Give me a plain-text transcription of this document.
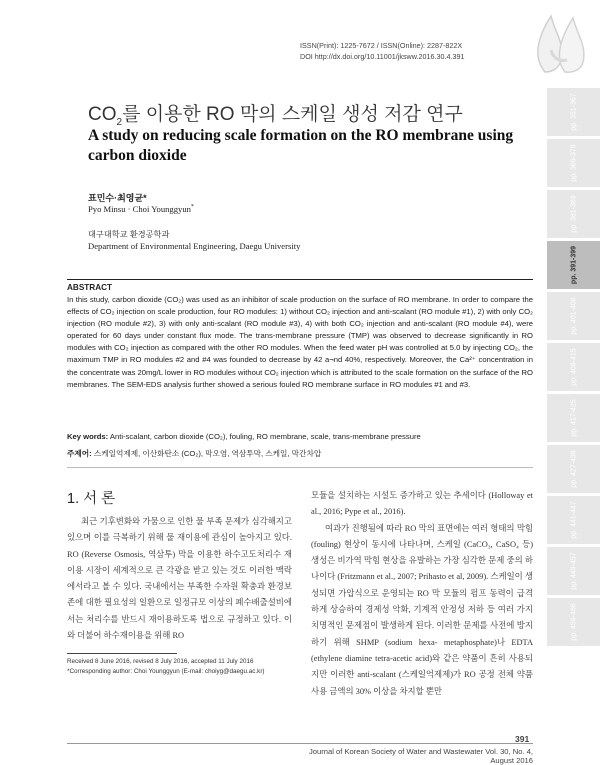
ISSN(Print): 1225-7672 / ISSN(Online): 2287-822X
DOI http://dx.doi.org/10.11001/jksww.2016.30.4.391
pp. 351-367
pp. 369-379
pp. 381-389
pp. 391-399
pp. 401-408
pp. 409-415
pp. 417-425
pp. 427-439
pp. 441-447
pp. 449-457
pp. 459-466
$CO_2$를 이용한 RO 막의 스케일 생성 저감 연구
A study on reducing scale formation on the RO membrane using carbon dioxide
표민수·최영균*
Pyo Minsu · Choi Younggyun*
대구대학교 환경공학과
Department of Environmental Engineering, Daegu University
ABSTRACT
In this study, carbon dioxide (CO₂) was used as an inhibitor of scale production on the surface of RO membrane. In order to compare the effects of CO₂ injection on scale production, four RO modules: 1) without CO₂ injection and anti-scalant (RO module #1), 2) with only CO₂ injection (RO module #2), 3) with only anti-scalant (RO module #3), 4) with both CO₂ injection and anti-scalant (RO module #4), were operated for 60 days under constant flux mode. The trans-membrane pressure (TMP) was observed to decrease significantly in RO modules with CO₂ injection as compared with the other RO modules. When the feed water pH was controlled at 5.0 by injecting CO₂, the maximum TMP in RO modules #2 and #4 was founded to decrease by 42 a¬nd 40%, respectively. Moreover, the Ca²⁺ concentration in the concentrate was 20mg/L lower in RO modules without CO₂ injection which is attributed to the scale formation on the surface of the RO membranes. The SEM-EDS analysis further showed a serious fouled RO membrane surface in RO modules #1 and #3.
Key words: Anti-scalant, carbon dioxide (CO₂), fouling, RO membrane, scale, trans-membrane pressure
주제어: 스케일억제제, 이산화탄소 (CO₂), 막오염, 역삼투막, 스케일, 막간차압
1. 서 론

최근 기후변화와 가뭄으로 인한 물 부족 문제가 심각해지고 있으며 이를 극복하기 위해 물 재이용에 관심이 높아지고 있다. RO (Reverse Osmosis, 역삼투) 막을 이용한 하수고도처리수 재이용 시장이 세계적으로 큰 각광을 받고 있는 것도 이러한 맥락에서라고 볼 수 있다. 국내에서는 부족한 수자원 확충과 환경보존에 대한 필요성의 일환으로 일정규모 이상의 폐수배출설비에서는 처리수를 반드시 재이용하도록 법으로 규정하고 있다. 이와 더불어 하수재이용을 위해 RO

모듈을 설치하는 시설도 증가하고 있는 추세이다 (Holloway et al., 2016; Pype et al., 2016).

여과가 진행됨에 따라 RO 막의 표면에는 여러 형태의 막힘 (fouling) 현상이 동시에 나타나며, 스케일 (CaCO₃, CaSO₄ 등) 생성은 비가역 막힘 현상을 유발하는 가장 심각한 문제 중의 하나이다 (Fritzmann et al., 2007; Prihasto et al, 2009). 스케일이 생성되면 가압식으로 운영되는 RO 막 모듈의 펌프 동력이 급격하게 상승하여 경제성 악화, 기계적 안정성 저하 등 여러 가지 치명적인 문제점이 발생하게 된다. 이러한 문제를 사전에 방지하기 위해 SHMP (sodium hexa- metaphosphate)나 EDTA (ethylene diamine tetra-acetic acid)와 같은 약품이 흔히 사용되지만 이러한 anti-scalant (스케일억제제)가 RO 공정 전체 약품사용 금액의 30% 이상을 차지할 뿐만

Received 8 June 2016, revised 8 July 2016, accepted 11 July 2016
*Corresponding author: Choi Younggyun (E-mail: choiyg@daegu.ac.kr)
391
Journal of Korean Society of Water and Wastewater Vol. 30, No. 4, August 2016
